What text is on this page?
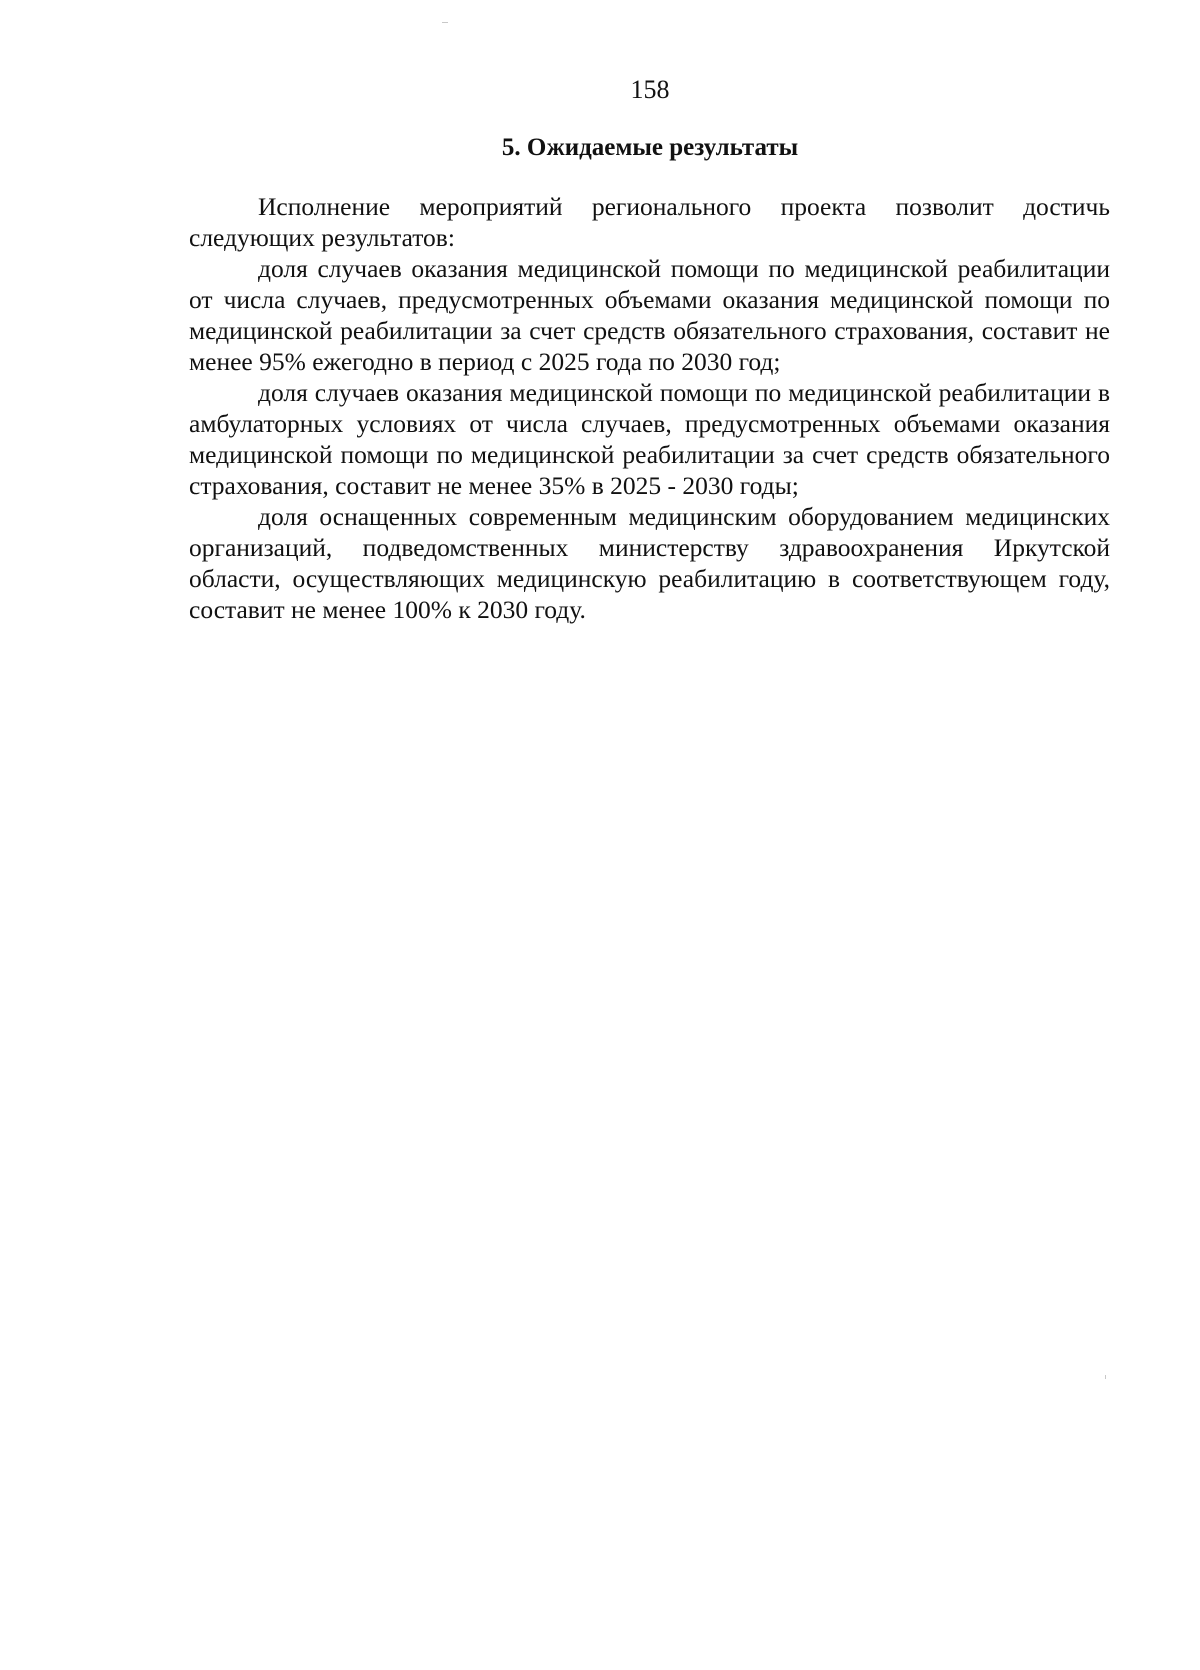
158
5. Ожидаемые результаты

Исполнение мероприятий регионального проекта позволит достичь следующих результатов:

доля случаев оказания медицинской помощи по медицинской реабилитации от числа случаев, предусмотренных объемами оказания медицинской помощи по медицинской реабилитации за счет средств обязательного страхования, составит не менее 95% ежегодно в период с 2025 года по 2030 год;

доля случаев оказания медицинской помощи по медицинской реабилитации в амбулаторных условиях от числа случаев, предусмотренных объемами оказания медицинской помощи по медицинской реабилитации за счет средств обязательного страхования, составит не менее 35% в 2025 - 2030 годы;

доля оснащенных современным медицинским оборудованием медицинских организаций, подведомственных министерству здравоохранения Иркутской области, осуществляющих медицинскую реабилитацию в соответствующем году, составит не менее 100% к 2030 году.
